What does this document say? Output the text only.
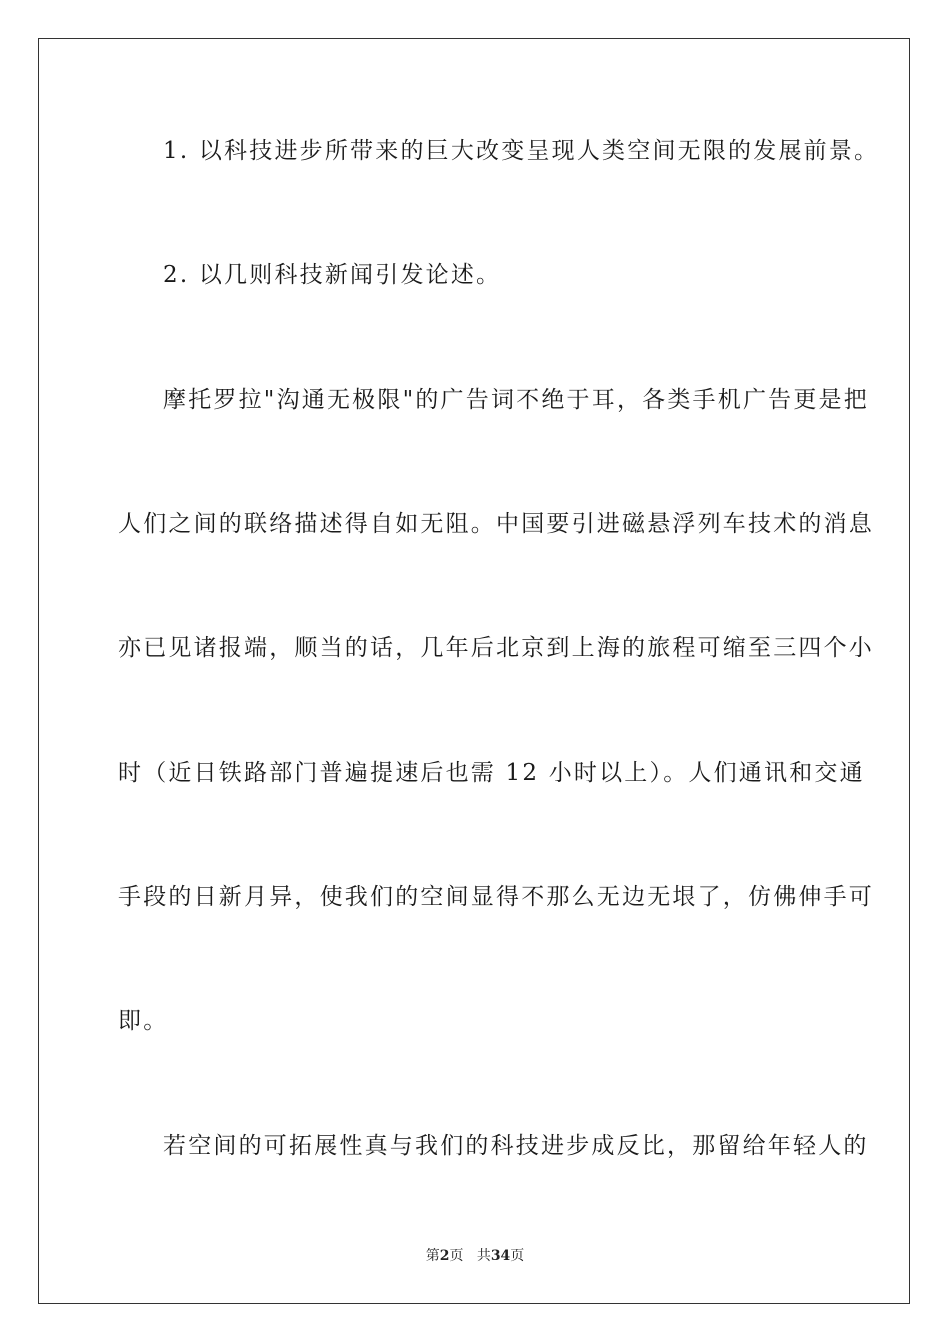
1. 以科技进步所带来的巨大改变呈现人类空间无限的发展前景。
2. 以几则科技新闻引发论述。
摩托罗拉"沟通无极限"的广告词不绝于耳，各类手机广告更是把
人们之间的联络描述得自如无阻。中国要引进磁悬浮列车技术的消息
亦已见诸报端，顺当的话，几年后北京到上海的旅程可缩至三四个小
时（近日铁路部门普遍提速后也需 12 小时以上）。人们通讯和交通
手段的日新月异，使我们的空间显得不那么无边无垠了，仿佛伸手可
即。
若空间的可拓展性真与我们的科技进步成反比，那留给年轻人的
第2页 共34页
